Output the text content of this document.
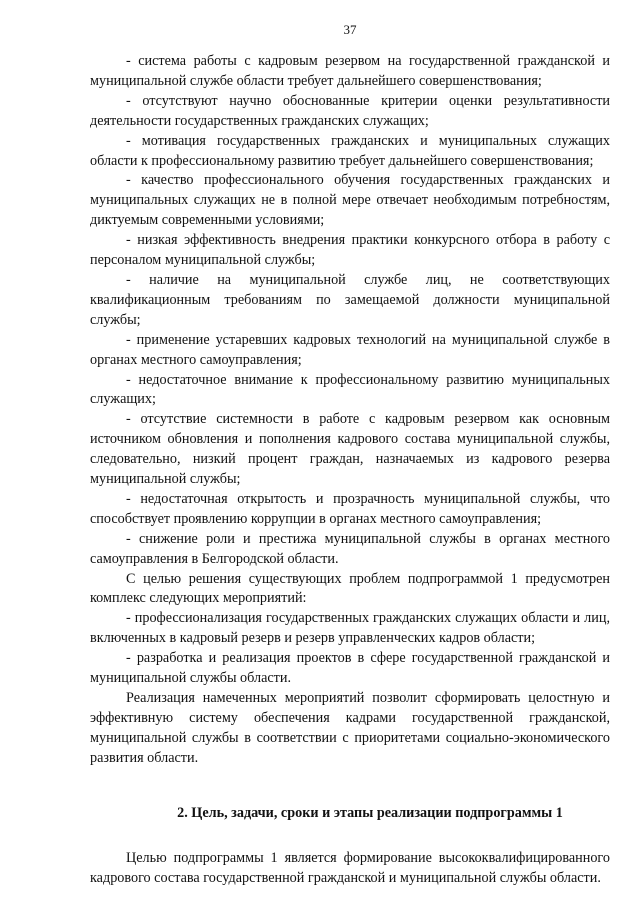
37

- система работы с кадровым резервом на государственной гражданской и муниципальной службе области требует дальнейшего совершенствования;

- отсутствуют научно обоснованные критерии оценки результативности деятельности государственных гражданских служащих;

- мотивация государственных гражданских и муниципальных служащих области к профессиональному развитию требует дальнейшего совершенствования;

- качество профессионального обучения государственных гражданских и муниципальных служащих не в полной мере отвечает необходимым потребностям, диктуемым современными условиями;

- низкая эффективность внедрения практики конкурсного отбора в работу с персоналом муниципальной службы;

- наличие на муниципальной службе лиц, не соответствующих квалификационным требованиям по замещаемой должности муниципальной службы;

- применение устаревших кадровых технологий на муниципальной службе в органах местного самоуправления;

- недостаточное внимание к профессиональному развитию муниципальных служащих;

- отсутствие системности в работе с кадровым резервом как основным источником обновления и пополнения кадрового состава муниципальной службы, следовательно, низкий процент граждан, назначаемых из кадрового резерва муниципальной службы;

- недостаточная открытость и прозрачность муниципальной службы, что способствует проявлению коррупции в органах местного самоуправления;

- снижение роли и престижа муниципальной службы в органах местного самоуправления в Белгородской области.

С целью решения существующих проблем подпрограммой 1 предусмотрен комплекс следующих мероприятий:

- профессионализация государственных гражданских служащих области и лиц, включенных в кадровый резерв и резерв управленческих кадров области;

- разработка и реализация проектов в сфере государственной гражданской и муниципальной службы области.

Реализация намеченных мероприятий позволит сформировать целостную и эффективную систему обеспечения кадрами государственной гражданской, муниципальной службы в соответствии с приоритетами социально-экономического развития области.

2. Цель, задачи, сроки и этапы реализации подпрограммы 1

Целью подпрограммы 1 является формирование высококвалифицированного кадрового состава государственной гражданской и муниципальной службы области.
